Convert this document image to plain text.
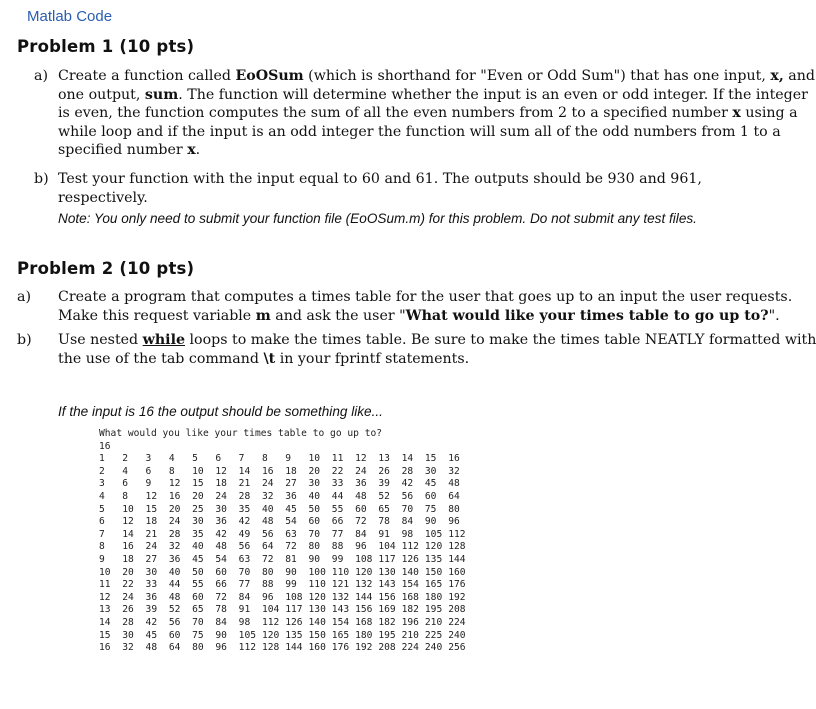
Matlab Code
Problem 1 (10 pts)
a) Create a function called EoOSum (which is shorthand for "Even or Odd Sum") that has one input, x, and
one output, sum. The function will determine whether the input is an even or odd integer. If the integer
is even, the function computes the sum of all the even numbers from 2 to a specified number x using a
while loop and if the input is an odd integer the function will sum all of the odd numbers from 1 to a
specified number x.
b) Test your function with the input equal to 60 and 61. The outputs should be 930 and 961, respectively.
Note: You only need to submit your function file (EoOSum.m) for this problem. Do not submit any test files.
Problem 2 (10 pts)
a) Create a program that computes a times table for the user that goes up to an input the user requests.
Make this request variable m and ask the user "What would like your times table to go up to?".
b) Use nested while loops to make the times table. Be sure to make the times table NEATLY formatted with
the use of the tab command \t in your fprintf statements.
If the input is 16 the output should be something like...
What would you like your times table to go up to?
16
1 2 3 4 5 6 7 8 9 10 11 12 13 14 15 16
2 4 6 8 10 12 14 16 18 20 22 24 26 28 30 32
3 6 9 12 15 18 21 24 27 30 33 36 39 42 45 48
4 8 12 16 20 24 28 32 36 40 44 48 52 56 60 64
5 10 15 20 25 30 35 40 45 50 55 60 65 70 75 80
6 12 18 24 30 36 42 48 54 60 66 72 78 84 90 96
7 14 21 28 35 42 49 56 63 70 77 84 91 98 105 112
8 16 24 32 40 48 56 64 72 80 88 96 104 112 120 128
9 18 27 36 45 54 63 72 81 90 99 108 117 126 135 144
10 20 30 40 50 60 70 80 90 100 110 120 130 140 150 160
11 22 33 44 55 66 77 88 99 110 121 132 143 154 165 176
12 24 36 48 60 72 84 96 108 120 132 144 156 168 180 192
13 26 39 52 65 78 91 104 117 130 143 156 169 182 195 208
14 28 42 56 70 84 98 112 126 140 154 168 182 196 210 224
15 30 45 60 75 90 105 120 135 150 165 180 195 210 225 240
16 32 48 64 80 96 112 128 144 160 176 192 208 224 240 256
